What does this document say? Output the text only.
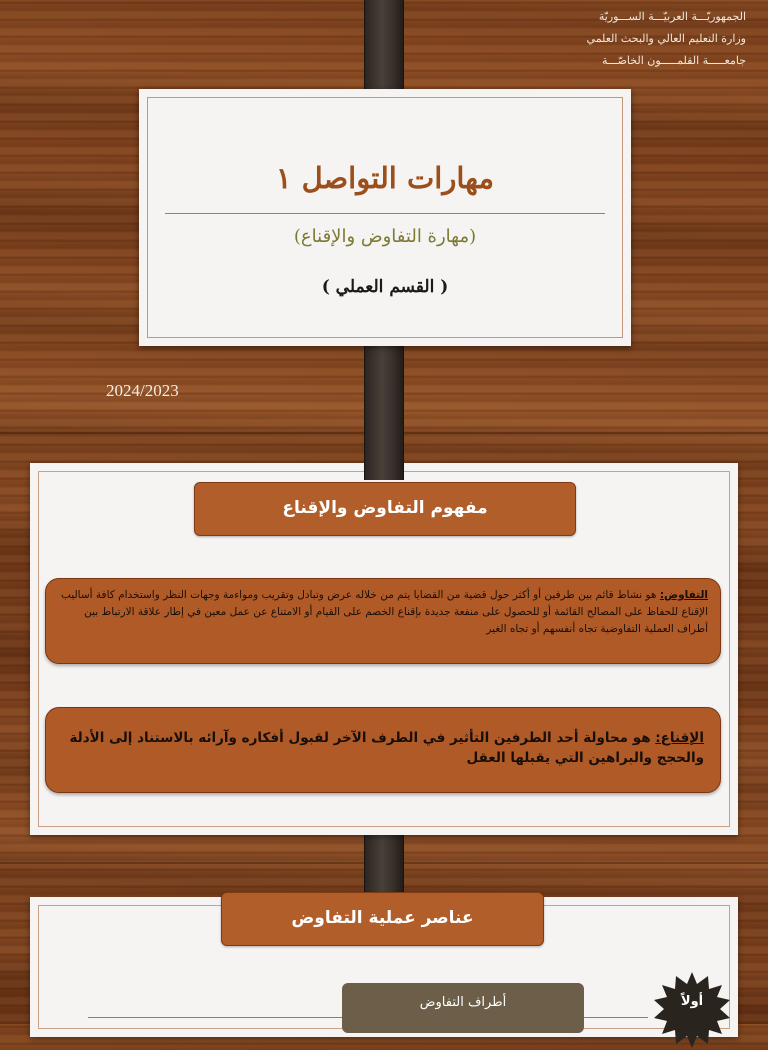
الجمهوريّـــة العربيّـــة الســـوريّة
وزارة التعليم العالي والبحث العلمي
جامعـــــة القلمـــــون الخاصّـــة
مهارات التواصل ١
(مهارة التفاوض والإقناع)
( القسم العملي )
2024/2023
مفهوم التفاوض والإقناع
التفاوض: هو نشاط قائم بين طرفين أو أكثر حول قضية من القضايا يتم من خلاله عرض وتبادل وتقريب ومواءمة وجهات النظر واستخدام كافة أساليب الإقناع للحفاظ على المصالح القائمة أو للحصول على منفعة جديدة بإقناع الخصم على القيام أو الامتناع عن عمل معين في إطار علاقة الارتباط بين أطراف العملية التفاوضية تجاه أنفسهم أو تجاه الغير
الإقناع: هو محاولة أحد الطرفين التأثير في الطرف الآخر لقبول أفكاره وآرائه بالاستناد إلى الأدلة والحجج والبراهين التي يقبلها العقل
عناصر عملية التفاوض
أطراف التفاوض	أولاً
